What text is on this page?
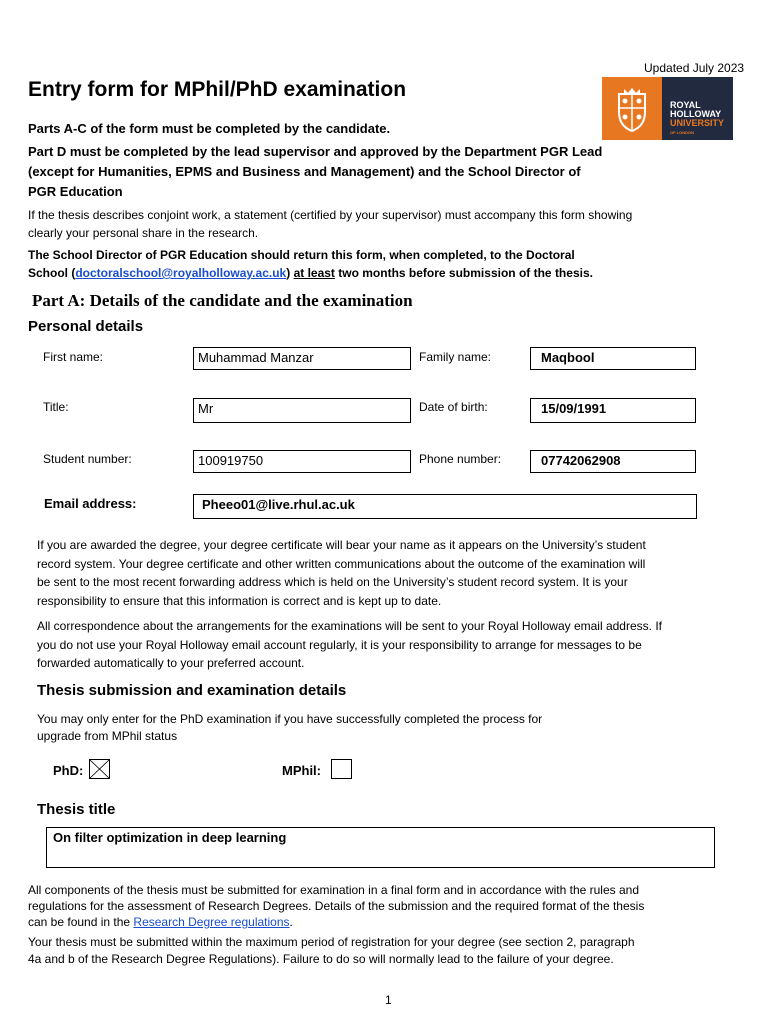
Updated July 2023
ROYAL
HOLLOWAY
UNIVERSITY
OF LONDON
Entry form for MPhil/PhD examination
Parts A-C of the form must be completed by the candidate.
Part D must be completed by the lead supervisor and approved by the Department PGR Lead
(except for Humanities, EPMS and Business and Management) and the School Director of
PGR Education
If the thesis describes conjoint work, a statement (certified by your supervisor) must accompany this form showing
clearly your personal share in the research.
The School Director of PGR Education should return this form, when completed, to the Doctoral
School (doctoralschool@royalholloway.ac.uk) at least two months before submission of the thesis.
Part A: Details of the candidate and the examination
Personal details
First name:	Muhammad Manzar	Family name:	Maqbool
Title:	Mr	Date of birth:	15/09/1991
Student number:	100919750	Phone number:	07742062908
Email address:	Pheeo01@live.rhul.ac.uk
If you are awarded the degree, your degree certificate will bear your name as it appears on the University’s student
record system. Your degree certificate and other written communications about the outcome of the examination will
be sent to the most recent forwarding address which is held on the University’s student record system. It is your
responsibility to ensure that this information is correct and is kept up to date.
All correspondence about the arrangements for the examinations will be sent to your Royal Holloway email address. If
you do not use your Royal Holloway email account regularly, it is your responsibility to arrange for messages to be
forwarded automatically to your preferred account.
Thesis submission and examination details
You may only enter for the PhD examination if you have successfully completed the process for
upgrade from MPhil status
PhD:	MPhil:
Thesis title
On filter optimization in deep learning
All components of the thesis must be submitted for examination in a final form and in accordance with the rules and
regulations for the assessment of Research Degrees. Details of the submission and the required format of the thesis
can be found in the Research Degree regulations.
Your thesis must be submitted within the maximum period of registration for your degree (see section 2, paragraph
4a and b of the Research Degree Regulations). Failure to do so will normally lead to the failure of your degree.
1
